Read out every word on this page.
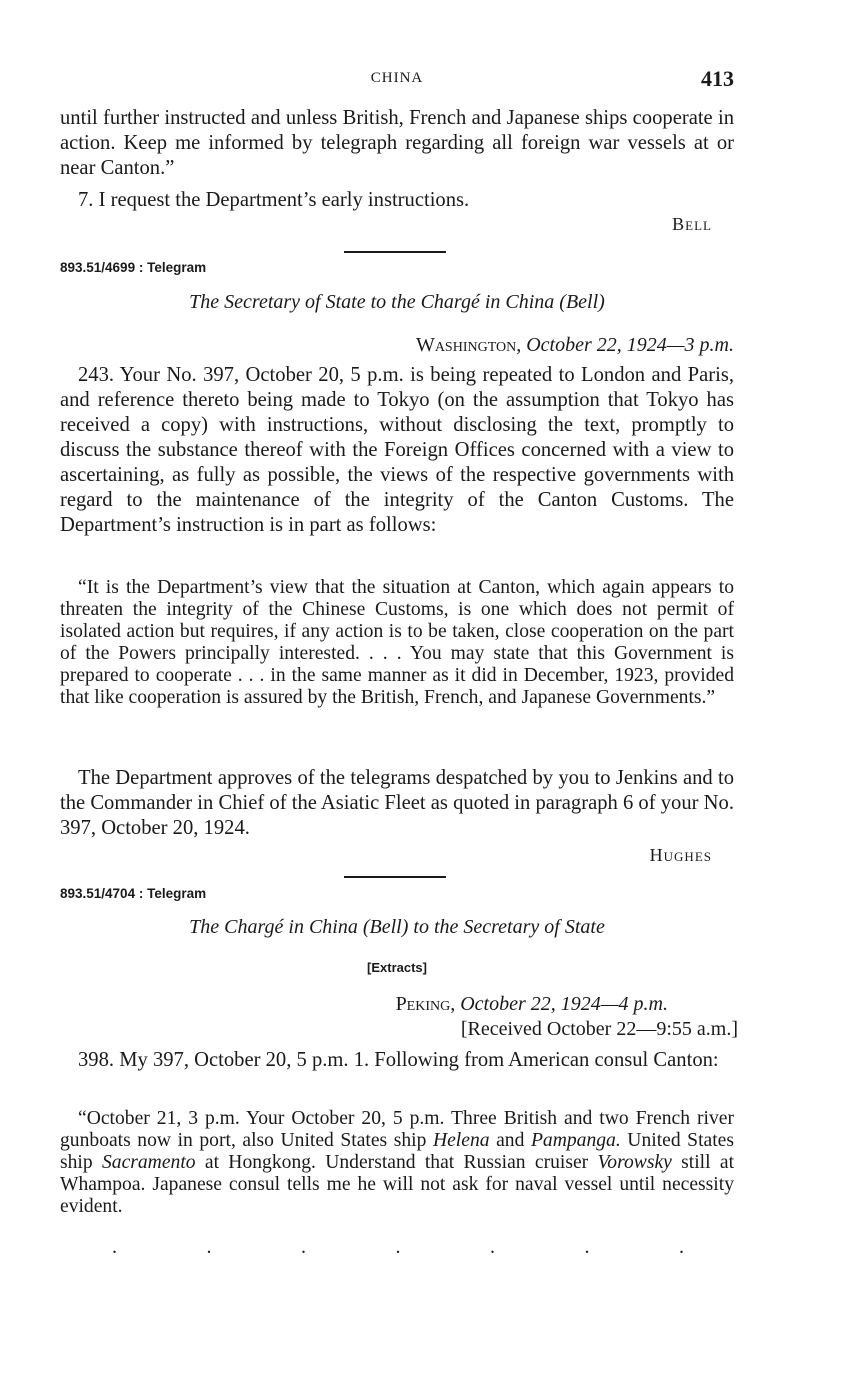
CHINA	413

until further instructed and unless British, French and Japanese ships cooperate in action. Keep me informed by telegraph regarding all foreign war vessels at or near Canton.”

7. I request the Department’s early instructions.

Bell
893.51/4699 : Telegram
The Secretary of State to the Chargé in China (Bell)
Washington, October 22, 1924—3 p.m.

243. Your No. 397, October 20, 5 p.m. is being repeated to London and Paris, and reference thereto being made to Tokyo (on the assumption that Tokyo has received a copy) with instructions, without disclosing the text, promptly to discuss the substance thereof with the Foreign Offices concerned with a view to ascertaining, as fully as possible, the views of the respective governments with regard to the maintenance of the integrity of the Canton Customs. The Department’s instruction is in part as follows:

“It is the Department’s view that the situation at Canton, which again appears to threaten the integrity of the Chinese Customs, is one which does not permit of isolated action but requires, if any action is to be taken, close cooperation on the part of the Powers principally interested. . . . You may state that this Government is prepared to cooperate . . . in the same manner as it did in December, 1923, provided that like cooperation is assured by the British, French, and Japanese Governments.”

The Department approves of the telegrams despatched by you to Jenkins and to the Commander in Chief of the Asiatic Fleet as quoted in paragraph 6 of your No. 397, October 20, 1924.

Hughes
893.51/4704 : Telegram
The Chargé in China (Bell) to the Secretary of State
[Extracts]
Peking, October 22, 1924—4 p.m.
[Received October 22—9:55 a.m.]

398. My 397, October 20, 5 p.m. 1. Following from American consul Canton:

“October 21, 3 p.m. Your October 20, 5 p.m. Three British and two French river gunboats now in port, also United States ship Helena and Pampanga. United States ship Sacramento at Hongkong. Understand that Russian cruiser Vorowsky still at Whampoa. Japanese consul tells me he will not ask for naval vessel until necessity evident.

.	.	.	.	.	.	.
